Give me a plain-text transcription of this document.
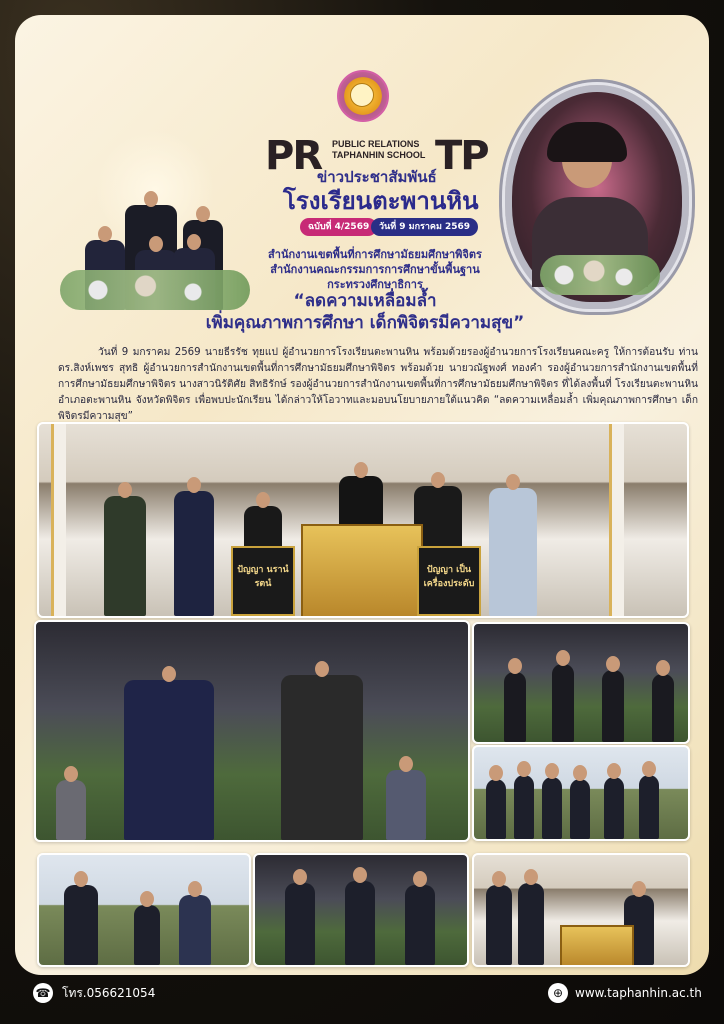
PR PUBLIC RELATIONS
TAPHANHIN SCHOOL TP
ข่าวประชาสัมพันธ์
โรงเรียนตะพานหิน
ฉบับที่ 4/2569	วันที่ 9 มกราคม 2569
สำนักงานเขตพื้นที่การศึกษามัธยมศึกษาพิจิตร
สำนักงานคณะกรรมการการศึกษาขั้นพื้นฐาน
กระทรวงศึกษาธิการ
“ลดความเหลื่อมล้ำ
เพิ่มคุณภาพการศึกษา เด็กพิจิตรมีความสุข”
วันที่ 9 มกราคม 2569 นายธีรรัช ทุยแป ผู้อำนวยการโรงเรียนตะพานหิน พร้อมด้วยรองผู้อำนวยการโรงเรียนคณะครู ให้การต้อนรับ ท่านดร.สิงห์เพชร สุทธิ ผู้อำนวยการสำนักงานเขตพื้นที่การศึกษามัธยมศึกษาพิจิตร พร้อมด้วย นายวณัฐพงศ์ ทองคำ รองผู้อำนวยการสำนักงานเขตพื้นที่การศึกษามัธยมศึกษาพิจิตร นางสาวนิรัติศัย สิทธิรักษ์ รองผู้อำนวยการสำนักงานเขตพื้นที่การศึกษามัธยมศึกษาพิจิตร ที่ได้ลงพื้นที่ โรงเรียนตะพานหิน อำเภอตะพานหิน จังหวัดพิจิตร เพื่อพบปะนักเรียน ได้กล่าวให้โอวาทและมอบนโยบายภายใต้แนวคิด “ลดความเหลื่อมล้ำ เพิ่มคุณภาพการศึกษา เด็กพิจิตรมีความสุข”
ปัญญา นรานํ รตนํ
ปัญญา เป็น เครื่องประดับ
☎ โทร.056621054	⊕ www.taphanhin.ac.th
